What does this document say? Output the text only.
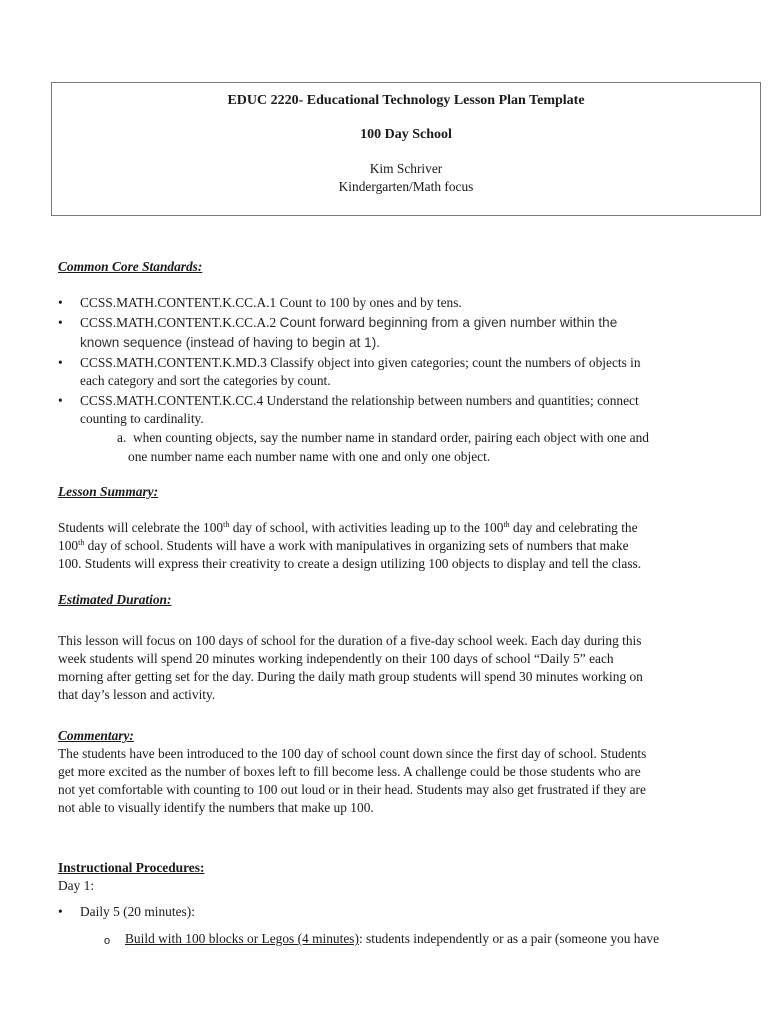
EDUC 2220- Educational Technology Lesson Plan Template
100 Day School
Kim Schriver
Kindergarten/Math focus
Common Core Standards:
•	CCSS.MATH.CONTENT.K.CC.A.1 Count to 100 by ones and by tens.
•	CCSS.MATH.CONTENT.K.CC.A.2 Count forward beginning from a given number within the
known sequence (instead of having to begin at 1).
•	CCSS.MATH.CONTENT.K.MD.3 Classify object into given categories; count the numbers of objects in
each category and sort the categories by count.
•	CCSS.MATH.CONTENT.K.CC.4 Understand the relationship between numbers and quantities; connect
counting to cardinality.
a. when counting objects, say the number name in standard order, pairing each object with one and
one number name each number name with one and only one object.
Lesson Summary:
Students will celebrate the 100th day of school, with activities leading up to the 100th day and celebrating the
100th day of school. Students will have a work with manipulatives in organizing sets of numbers that make
100. Students will express their creativity to create a design utilizing 100 objects to display and tell the class.
Estimated Duration:
This lesson will focus on 100 days of school for the duration of a five-day school week. Each day during this
week students will spend 20 minutes working independently on their 100 days of school “Daily 5” each
morning after getting set for the day. During the daily math group students will spend 30 minutes working on
that day’s lesson and activity.
Commentary:
The students have been introduced to the 100 day of school count down since the first day of school. Students
get more excited as the number of boxes left to fill become less. A challenge could be those students who are
not yet comfortable with counting to 100 out loud or in their head. Students may also get frustrated if they are
not able to visually identify the numbers that make up 100.
Instructional Procedures:
Day 1:
•	Daily 5 (20 minutes):
o Build with 100 blocks or Legos (4 minutes): students independently or as a pair (someone you have
